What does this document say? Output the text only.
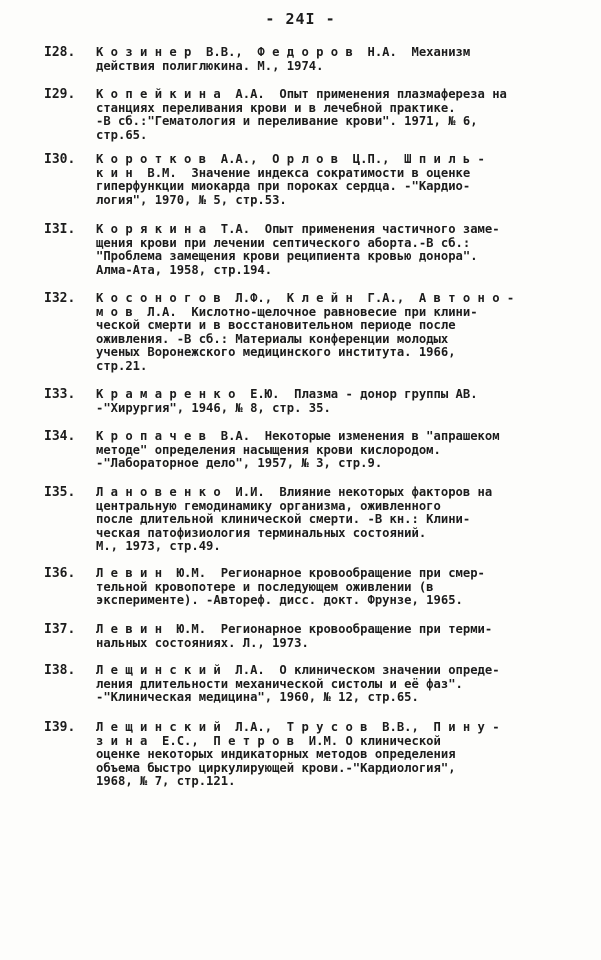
- 24I -
I28.	К о з и н е р  В.В.,  Ф е д о р о в  Н.А.  Механизм
действия полиглюкина. М., 1974.
I29.	К о п е й к и н а  А.А.  Опыт применения плазмафереза на
станциях переливания крови и в лечебной практике.
-В сб.:"Гематология и переливание крови". 1971, № 6,
стр.65.
I30.	К о р о т к о в  А.А.,  О р л о в  Ц.П.,  Ш п и л ь -
к и н  В.М.  Значение индекса сократимости в оценке
гиперфункции миокарда при пороках сердца. -"Кардио-
логия", 1970, № 5, стр.53.
I3I.	К о р я к и н а  Т.А.  Опыт применения частичного заме-
щения крови при лечении септического аборта.-В сб.:
"Проблема замещения крови реципиента кровью донора".
Алма-Ата, 1958, стр.194.
I32.	К о с о н о г о в  Л.Ф.,  К л е й н  Г.А.,  А в т о н о -
м о в  Л.А.  Кислотно-щелочное равновесие при клини-
ческой смерти и в восстановительном периоде после
оживления. -В сб.: Материалы конференции молодых
ученых Воронежского медицинского института. 1966,
стр.21.
I33.	К р а м а р е н к о  Е.Ю.  Плазма - донор группы АВ.
-"Хирургия", 1946, № 8, стр. 35.
I34.	К р о п а ч е в  В.А.  Некоторые изменения в "апрашеком
методе" определения насыщения крови кислородом.
-"Лабораторное дело", 1957, № 3, стр.9.
I35.	Л а н о в е н к о  И.И.  Влияние некоторых факторов на
центральную гемодинамику организма, оживленного
после длительной клинической смерти. -В кн.: Клини-
ческая патофизиология терминальных состояний.
М., 1973, стр.49.
I36.	Л е в и н  Ю.М.  Регионарное кровообращение при смер-
тельной кровопотере и последующем оживлении (в
эксперименте). -Автореф. дисс. докт. Фрунзе, 1965.
I37.	Л е в и н  Ю.М.  Регионарное кровообращение при терми-
нальных состояниях. Л., 1973.
I38.	Л е щ и н с к и й  Л.А.  О клиническом значении опреде-
ления длительности механической систолы и её фаз".
-"Клиническая медицина", 1960, № 12, стр.65.
I39.	Л е щ и н с к и й  Л.А.,  Т р у с о в  В.В.,  П и н у -
з и н а  Е.С.,  П е т р о в  И.М. О клинической
оценке некоторых индикаторных методов определения
объема быстро циркулирующей крови.-"Кардиология",
1968, № 7, стр.121.
